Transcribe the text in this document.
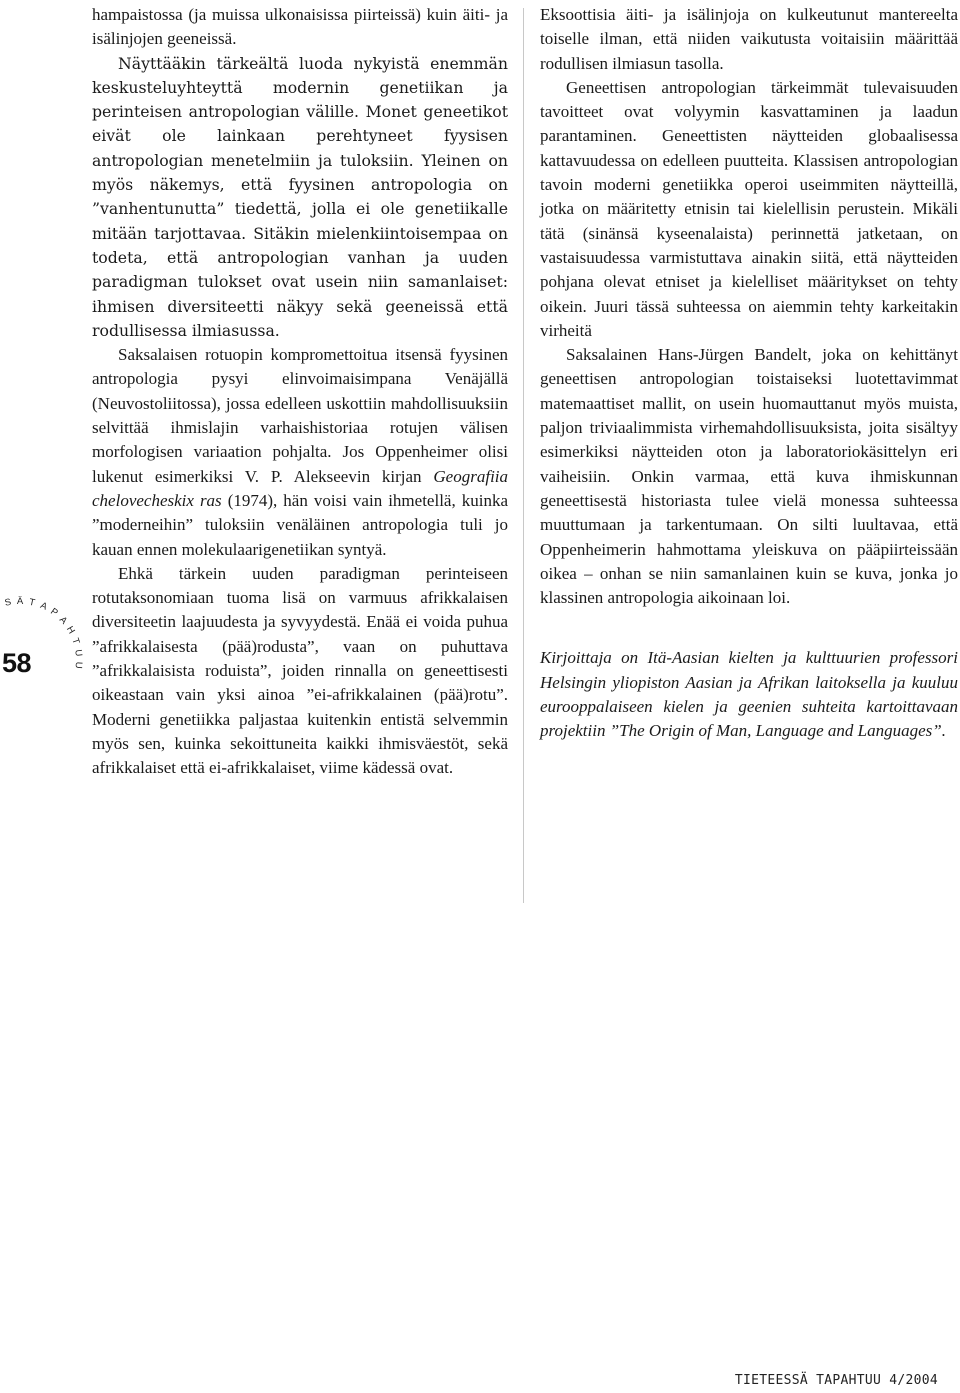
S Ä T A P
A
H
T
U
U
58

hampaistossa (ja muissa ulkonaisissa piirteissä) kuin äiti- ja isälinjojen geeneissä.

Näyttääkin tärkeältä luoda nykyistä enemmän keskusteluyhteyttä modernin genetiikan ja perinteisen antropologian välille. Monet geneetikot eivät ole lainkaan perehtyneet fyysisen antropologian menetelmiin ja tuloksiin. Yleinen on myös näkemys, että fyysinen antropologia on ”vanhentunutta” tiedettä, jolla ei ole genetiikalle mitään tarjottavaa. Sitäkin mielenkiintoisempaa on todeta, että antropologian vanhan ja uuden paradigman tulokset ovat usein niin samanlaiset: ihmisen diversiteetti näkyy sekä geeneissä että rodullisessa ilmiasussa.

Saksalaisen rotuopin kompromettoitua itsensä fyysinen antropologia pysyi elinvoimaisimpana Venäjällä (Neuvostoliitossa), jossa edelleen uskottiin mahdollisuuksiin selvittää ihmislajin varhaishistoriaa rotujen välisen morfologisen variaation pohjalta. Jos Oppenheimer olisi lukenut esimerkiksi V. P. Alekseevin kirjan Geografiia chelovecheskix ras (1974), hän voisi vain ihmetellä, kuinka ”moderneihin” tuloksiin venäläinen antropologia tuli jo kauan ennen molekulaarigenetiikan syntyä.

Ehkä tärkein uuden paradigman perinteiseen rotutaksonomiaan tuoma lisä on varmuus afrikkalaisen diversiteetin laajuudesta ja syvyydestä. Enää ei voida puhua ”afrikkalaisesta (pää)rodusta”, vaan on puhuttava ”afrikkalaisista roduista”, joiden rinnalla on geneettisesti oikeastaan vain yksi ainoa ”ei-afrikkalainen (pää)rotu”. Moderni genetiikka paljastaa kuitenkin entistä selvemmin myös sen, kuinka sekoittuneita kaikki ihmisväestöt, sekä afrikkalaiset että ei-afrikkalaiset, viime kädessä ovat.

Eksoottisia äiti- ja isälinjoja on kulkeutunut mantereelta toiselle ilman, että niiden vaikutusta voitaisiin määrittää rodullisen ilmiasun tasolla.

Geneettisen antropologian tärkeimmät tulevaisuuden tavoitteet ovat volyymin kasvattaminen ja laadun parantaminen. Geneettisten näytteiden globaalisessa kattavuudessa on edelleen puutteita. Klassisen antropologian tavoin moderni genetiikka operoi useimmiten näytteillä, jotka on määritetty etnisin tai kielellisin perustein. Mikäli tätä (sinänsä kyseenalaista) perinnettä jatketaan, on vastaisuudessa varmistuttava ainakin siitä, että näytteiden pohjana olevat etniset ja kielelliset määritykset on tehty oikein. Juuri tässä suhteessa on aiemmin tehty karkeitakin virheitä

Saksalainen Hans-Jürgen Bandelt, joka on kehittänyt geneettisen antropologian toistaiseksi luotettavimmat matemaattiset mallit, on usein huomauttanut myös muista, paljon triviaalimmista virhemahdollisuuksista, joita sisältyy esimerkiksi näytteiden oton ja laboratoriokäsittelyn eri vaiheisiin. Onkin varmaa, että kuva ihmiskunnan geneettisestä historiasta tulee vielä monessa suhteessa muuttumaan ja tarkentumaan. On silti luultavaa, että Oppenheimerin hahmottama yleiskuva on pääpiirteissään oikea – onhan se niin samanlainen kuin se kuva, jonka jo klassinen antropologia aikoinaan loi.

Kirjoittaja on Itä-Aasian kielten ja kulttuurien professori Helsingin yliopiston Aasian ja Afrikan laitoksella ja kuuluu eurooppalaiseen kielen ja geenien suhteita kartoittavaan projektiin ”The Origin of Man, Language and Languages”.

TIETEESSÄ TAPAHTUU 4/2004
